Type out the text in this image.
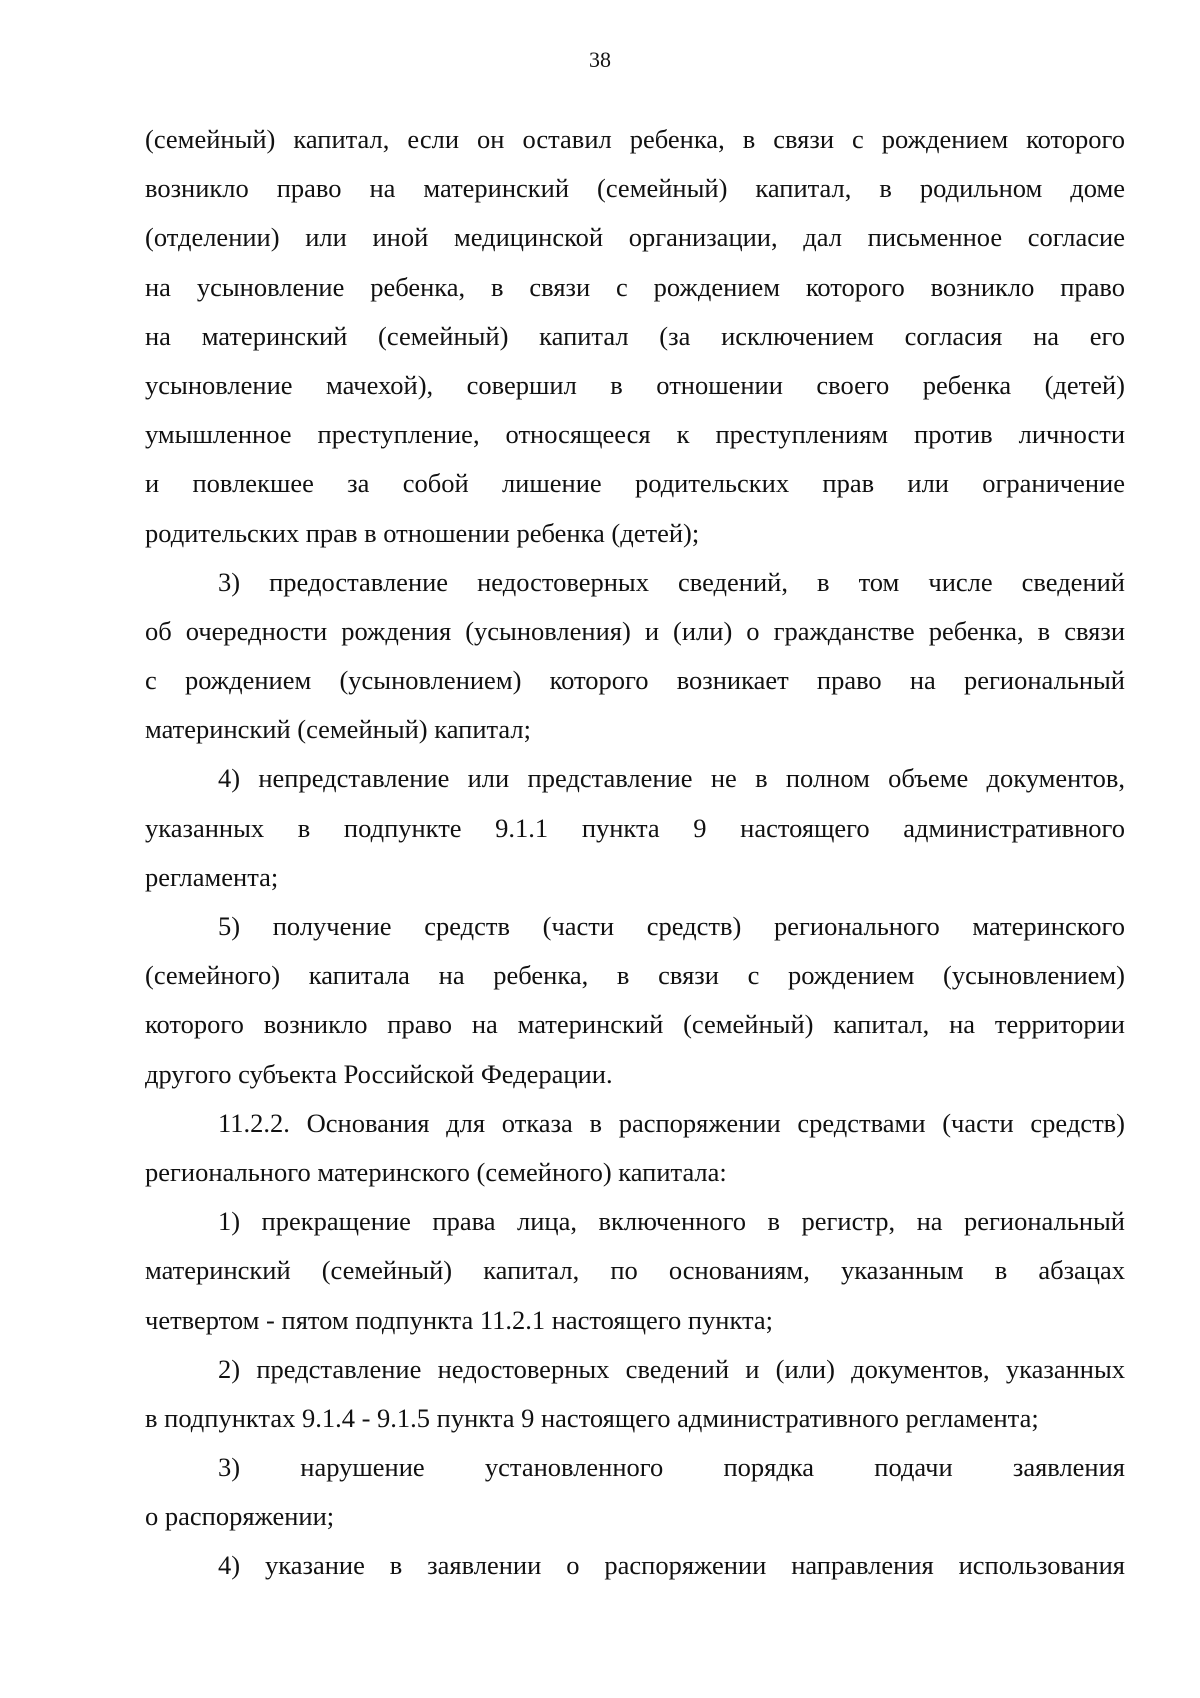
38
(семейный) капитал, если он оставил ребенка, в связи с рождением которого
возникло право на материнский (семейный) капитал, в родильном доме
(отделении) или иной медицинской организации, дал письменное согласие
на усыновление ребенка, в связи с рождением которого возникло право
на материнский (семейный) капитал (за исключением согласия на его
усыновление мачехой), совершил в отношении своего ребенка (детей)
умышленное преступление, относящееся к преступлениям против личности
и повлекшее за собой лишение родительских прав или ограничение
родительских прав в отношении ребенка (детей);
3) предоставление недостоверных сведений, в том числе сведений
об очередности рождения (усыновления) и (или) о гражданстве ребенка, в связи
с рождением (усыновлением) которого возникает право на региональный
материнский (семейный) капитал;
4) непредставление или представление не в полном объеме документов,
указанных в подпункте 9.1.1 пункта 9 настоящего административного
регламента;
5) получение средств (части средств) регионального материнского
(семейного) капитала на ребенка, в связи с рождением (усыновлением)
которого возникло право на материнский (семейный) капитал, на территории
другого субъекта Российской Федерации.
11.2.2. Основания для отказа в распоряжении средствами (части средств)
регионального материнского (семейного) капитала:
1) прекращение права лица, включенного в регистр, на региональный
материнский (семейный) капитал, по основаниям, указанным в абзацах
четвертом - пятом подпункта 11.2.1 настоящего пункта;
2) представление недостоверных сведений и (или) документов, указанных
в подпунктах 9.1.4 - 9.1.5 пункта 9 настоящего административного регламента;
3) нарушение установленного порядка подачи заявления
о распоряжении;
4) указание в заявлении о распоряжении направления использования
